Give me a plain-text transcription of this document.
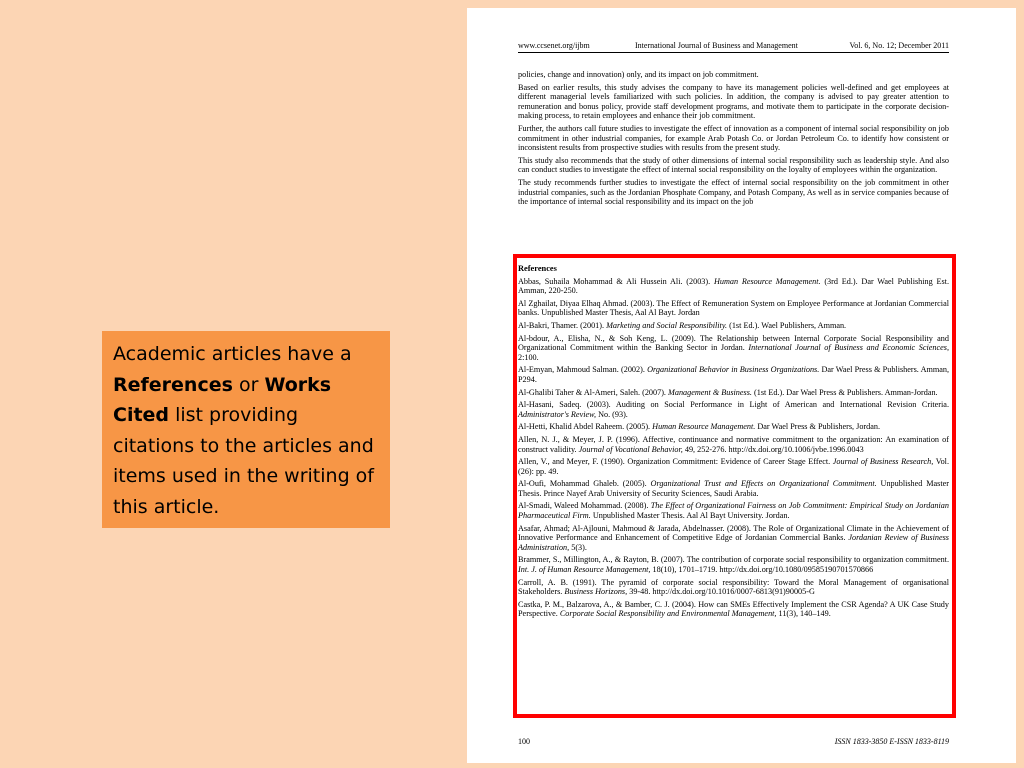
Academic articles have a References or Works Cited list providing citations to the articles and items used in the writing of this article.
www.ccsenet.org/ijbm	International Journal of Business and Management	Vol. 6, No. 12; December 2011

policies, change and innovation) only, and its impact on job commitment.

Based on earlier results, this study advises the company to have its management policies well-defined and get employees at different managerial levels familiarized with such policies. In addition, the company is advised to pay greater attention to remuneration and bonus policy, provide staff development programs, and motivate them to participate in the corporate decision-making process, to retain employees and enhance their job commitment.

Further, the authors call future studies to investigate the effect of innovation as a component of internal social responsibility on job commitment in other industrial companies, for example Arab Potash Co. or Jordan Petroleum Co. to identify how consistent or inconsistent results from prospective studies with results from the present study.

This study also recommends that the study of other dimensions of internal social responsibility such as leadership style. And also can conduct studies to investigate the effect of internal social responsibility on the loyalty of employees within the organization.

The study recommends further studies to investigate the effect of internal social responsibility on the job commitment in other industrial companies, such as the Jordanian Phosphate Company, and Potash Company, As well as in service companies because of the importance of internal social responsibility and its impact on the job

References

Abbas, Suhaila Mohammad & Ali Hussein Ali. (2003). Human Resource Management. (3rd Ed.). Dar Wael Publishing Est. Amman, 220-250.

Al Zghailat, Diyaa Elhaq Ahmad. (2003). The Effect of Remuneration System on Employee Performance at Jordanian Commercial banks. Unpublished Master Thesis, Aal Al Bayt. Jordan

Al-Bakri, Thamer. (2001). Marketing and Social Responsibility. (1st Ed.). Wael Publishers, Amman.

Al-bdour, A., Elisha, N., & Soh Keng, L. (2009). The Relationship between Internal Corporate Social Responsibility and Organizational Commitment within the Banking Sector in Jordan. International Journal of Business and Economic Sciences, 2:100.

Al-Emyan, Mahmoud Salman. (2002). Organizational Behavior in Business Organizations. Dar Wael Press & Publishers. Amman, P294.

Al-Ghalibi Taher & Al-Ameri, Saleh. (2007). Management & Business. (1st Ed.). Dar Wael Press & Publishers. Amman-Jordan.

Al-Hasani, Sadeq. (2003). Auditing on Social Performance in Light of American and International Revision Criteria. Administrator's Review, No. (93).

Al-Hetti, Khalid Abdel Raheem. (2005). Human Resource Management. Dar Wael Press & Publishers, Jordan.

Allen, N. J., & Meyer, J. P. (1996). Affective, continuance and normative commitment to the organization: An examination of construct validity. Journal of Vocational Behavior, 49, 252-276. http://dx.doi.org/10.1006/jvbe.1996.0043

Allen, V., and Meyer, F. (1990). Organization Commitment: Evidence of Career Stage Effect. Journal of Business Research, Vol. (26): pp. 49.

Al-Oufi, Mohammad Ghaleb. (2005). Organizational Trust and Effects on Organizational Commitment. Unpublished Master Thesis. Prince Nayef Arab University of Security Sciences, Saudi Arabia.

Al-Smadi, Waleed Mohammad. (2008). The Effect of Organizational Fairness on Job Commitment: Empirical Study on Jordanian Pharmaceutical Firm. Unpublished Master Thesis. Aal Al Bayt University. Jordan.

Asafar, Ahmad; Al-Ajlouni, Mahmoud & Jarada, Abdelnasser. (2008). The Role of Organizational Climate in the Achievement of Innovative Performance and Enhancement of Competitive Edge of Jordanian Commercial Banks. Jordanian Review of Business Administration, 5(3).

Brammer, S., Millington, A., & Rayton, B. (2007). The contribution of corporate social responsibility to organization commitment. Int. J. of Human Resource Management, 18(10), 1701–1719. http://dx.doi.org/10.1080/09585190701570866

Carroll, A. B. (1991). The pyramid of corporate social responsibility: Toward the Moral Management of organisational Stakeholders. Business Horizons, 39-48. http://dx.doi.org/10.1016/0007-6813(91)90005-G

Castka, P. M., Balzarova, A., & Bamber, C. J. (2004). How can SMEs Effectively Implement the CSR Agenda? A UK Case Study Perspective. Corporate Social Responsibility and Environmental Management, 11(3), 140–149.

100	ISSN 1833-3850 E-ISSN 1833-8119
